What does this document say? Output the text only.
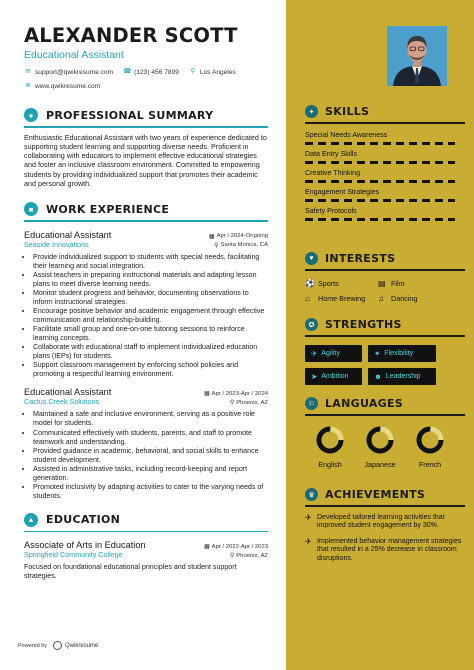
ALEXANDER SCOTT
Educational Assistant
✉ support@qwikresume.com ☎ (123) 456 7899 ⚲ Los Angeles
⊕ www.qwikresume.com
●	PROFESSIONAL SUMMARY
Enthusiastic Educational Assistant with two years of experience dedicated to supporting student learning and supporting diverse needs. Proficient in collaborating with educators to implement effective educational strategies and foster an inclusive classroom environment. Committed to empowering students by providing individualized support that promotes their academic and personal growth.
■	WORK EXPERIENCE
Educational Assistant	▦ Apr / 2024-Ongoing
Seaside Innovations	⚲ Santa Monica, CA
• Provide individualized support to students with special needs, facilitating their learning and social integration.
• Assist teachers in preparing instructional materials and adapting lesson plans to meet diverse learning needs.
• Monitor student progress and behavior, documenting observations to inform instructional strategies.
• Encourage positive behavior and academic engagement through effective communication and relationship-building.
• Facilitate small group and one-on-one tutoring sessions to reinforce learning concepts.
• Collaborate with educational staff to implement individualized education plans (IEPs) for students.
• Support classroom management by enforcing school policies and promoting a respectful learning environment.
Educational Assistant	▦ Apr / 2023-Apr / 2024
Cactus Creek Solutions	⚲ Phoenix, AZ
• Maintained a safe and inclusive environment, serving as a positive role model for students.
• Communicated effectively with students, parents, and staff to promote teamwork and understanding.
• Provided guidance in academic, behavioral, and social skills to enhance student development.
• Assisted in administrative tasks, including record-keeping and report generation.
• Promoted inclusivity by adapting activities to cater to the varying needs of students.
▲ EDUCATION
Associate of Arts in Education	▦ Apr / 2022-Apr / 2023
Springfield Community College	⚲ Phoenix, AZ
Focused on foundational educational principles and student support strategies.
Powered by	Qwikresume
✦ SKILLS
Special Needs Awareness
Data Entry Skills
Creative Thinking
Engagement Strategies
Safety Protocols
♥	INTERESTS
⚽ Sports	▤ Film
⌂	Home Brewing ♫ Dancing
✪ STRENGTHS
✈ Agility	✦ Flexibility
➤ Ambition	☻ Leadership
⚐ LANGUAGES
English	Japanese	French
♛ ACHIEVEMENTS
✈ Developed tailored learning activities that improved student engagement by 30%.
✈ Implemented behavior management strategies that resulted in a 25% decrease in classroom disruptions.
